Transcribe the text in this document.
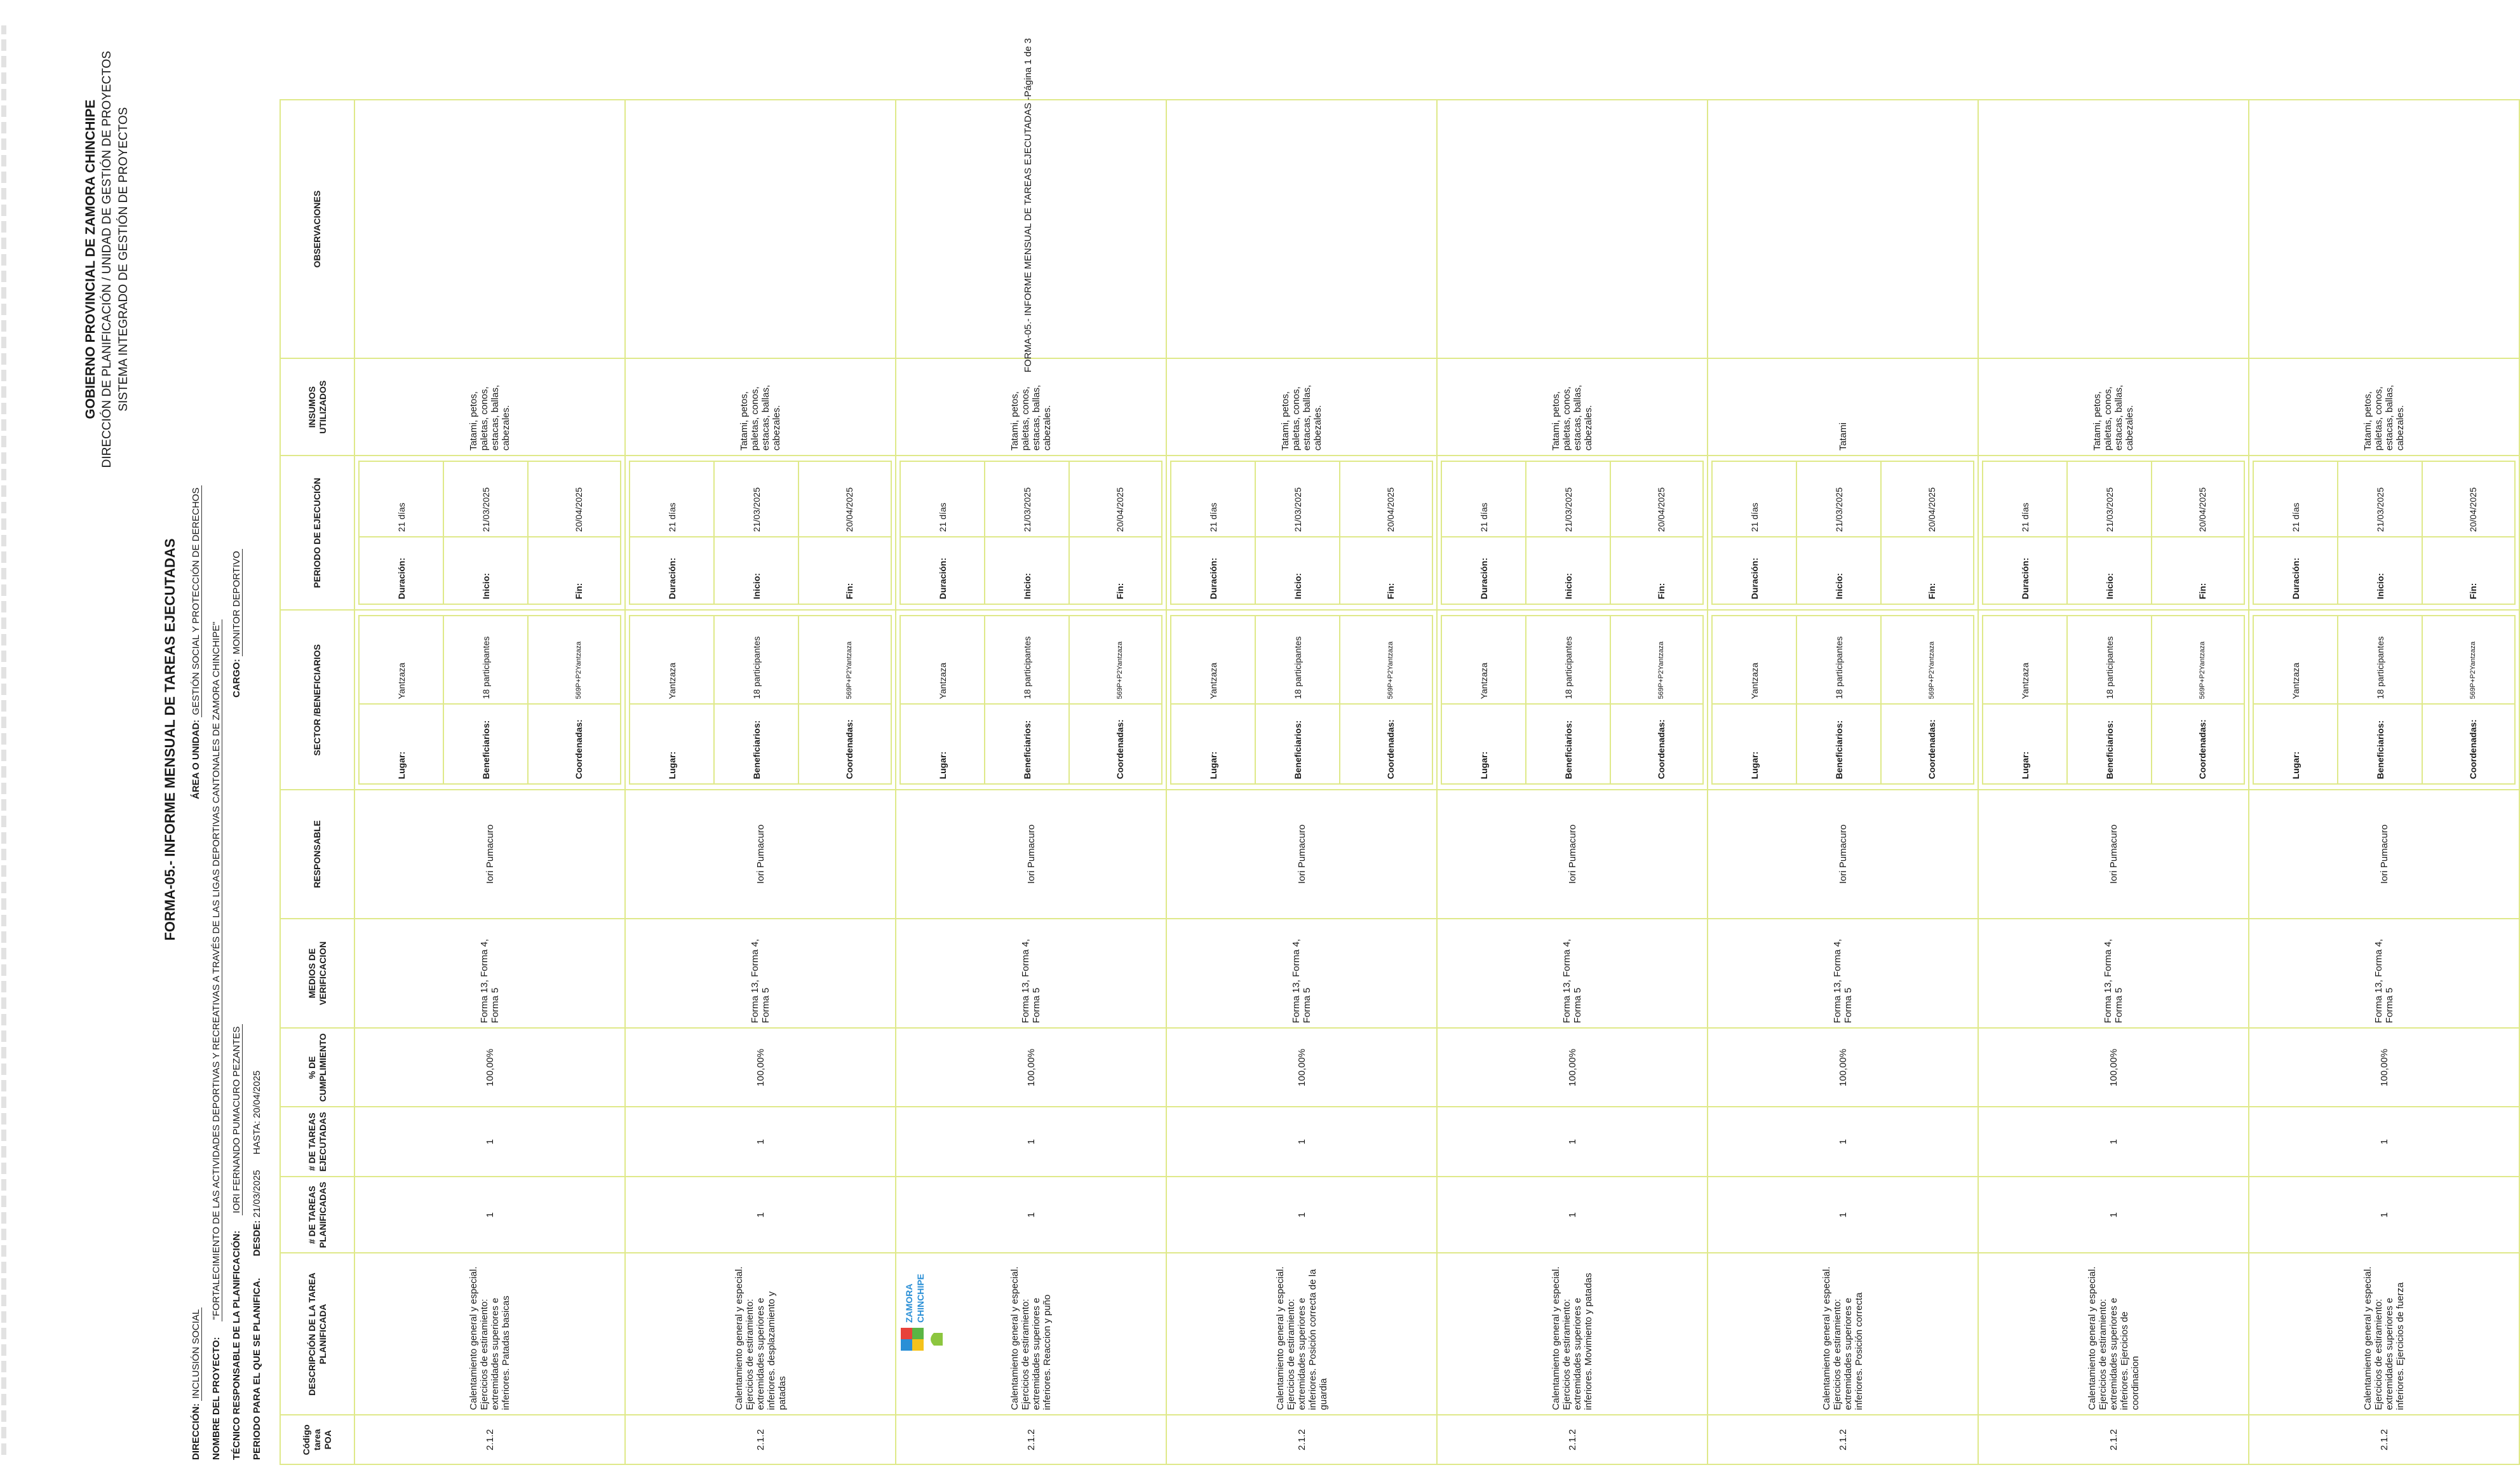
GOBIERNO PROVINCIAL DE ZAMORA CHINCHIPE DIRECCIÓN DE PLANIFICACIÓN / UNIDAD DE GESTIÓN DE PROYECTOS SISTEMA INTEGRADO DE GESTIÓN DE PROYECTOS
ZAMORA CHINCHIPE
FORMA-05.- INFORME MENSUAL DE TAREAS EJECUTADAS
DIRECCIÓN: INCLUSIÓN SOCIAL
ÁREA O UNIDAD: GESTIÓN SOCIAL Y PROTECCIÓN DE DERECHOS
NOMBRE DEL PROYECTO: "FORTALECIMIENTO DE LAS ACTIVIDADES DEPORTIVAS Y RECREATIVAS A TRAVÉS DE LAS LIGAS DEPORTIVAS CANTONALES DE ZAMORA CHINCHIPE"
TÉCNICO RESPONSABLE DE LA PLANIFICACIÓN: IORI FERNANDO PUMACURO PEZANTES
CARGO: MONITOR DEPORTIVO
PERIODO PARA EL QUE SE PLANIFICA. DESDE: 21/03/2025 HASTA: 20/04/2025
Código tarea POA	DESCRIPCIÓN DE LA TAREA PLANIFICADA	# DE TAREAS PLANIFICADAS	# DE TAREAS EJECUTADAS	% DE CUMPLIMIENTO	MEDIOS DE VERIFICACION	RESPONSABLE	SECTOR /BENEFICIARIOS	PERIODO DE EJECUCIÓN	INSUMOS UTILIZADOS	OBSERVACIONES
2.1.2	Calentamiento general y especial. Ejercicios de estiramiento: extremidades superiores e inferiores. Patadas basicas	1	1	100,00%	Forma 13, Forma 4, Forma 5	Iori Pumacuro	
Lugar:	Yantzaza
Beneficiarios:	18 participantes
Coordenadas:	569P+P2Yantzaza

Duración:	21 días
Inicio:	21/03/2025
Fin:	20/04/2025
	Tatami, petos, paletas, conos, estacas, ballas, cabezales.	
2.1.2	Calentamiento general y especial. Ejercicios de estiramiento: extremidades superiores e inferiores. desplazamiento y patadas	1	1	100,00%	Forma 13, Forma 4, Forma 5	Iori Pumacuro	
Lugar:	Yantzaza
Beneficiarios:	18 participantes
Coordenadas:	569P+P2Yantzaza

Duración:	21 días
Inicio:	21/03/2025
Fin:	20/04/2025
	Tatami, petos, paletas, conos, estacas, ballas, cabezales.	
2.1.2	Calentamiento general y especial. Ejercicios de estiramiento: extremidades superiores e inferiores. Reaccion y puño	1	1	100,00%	Forma 13, Forma 4, Forma 5	Iori Pumacuro	
Lugar:	Yantzaza
Beneficiarios:	18 participantes
Coordenadas:	569P+P2Yantzaza

Duración:	21 días
Inicio:	21/03/2025
Fin:	20/04/2025
	Tatami, petos, paletas, conos, estacas, ballas, cabezales.	
2.1.2	Calentamiento general y especial. Ejercicios de estiramiento: extremidades superiores e inferiores. Posición correcta de la guardia	1	1	100,00%	Forma 13, Forma 4, Forma 5	Iori Pumacuro	
Lugar:	Yantzaza
Beneficiarios:	18 participantes
Coordenadas:	569P+P2Yantzaza

Duración:	21 días
Inicio:	21/03/2025
Fin:	20/04/2025
	Tatami, petos, paletas, conos, estacas, ballas, cabezales.	
2.1.2	Calentamiento general y especial. Ejercicios de estiramiento: extremidades superiores e inferiores. Movimiento y patadas	1	1	100,00%	Forma 13, Forma 4, Forma 5	Iori Pumacuro	
Lugar:	Yantzaza
Beneficiarios:	18 participantes
Coordenadas:	569P+P2Yantzaza

Duración:	21 días
Inicio:	21/03/2025
Fin:	20/04/2025
	Tatami, petos, paletas, conos, estacas, ballas, cabezales.	
2.1.2	Calentamiento general y especial. Ejercicios de estiramiento: extremidades superiores e inferiores. Posición correcta	1	1	100,00%	Forma 13, Forma 4, Forma 5	Iori Pumacuro	
Lugar:	Yantzaza
Beneficiarios:	18 participantes
Coordenadas:	569P+P2Yantzaza

Duración:	21 días
Inicio:	21/03/2025
Fin:	20/04/2025
	Tatami	
2.1.2	Calentamiento general y especial. Ejercicios de estiramiento: extremidades superiores e inferiores. Ejercicios de coordinacion	1	1	100,00%	Forma 13, Forma 4, Forma 5	Iori Pumacuro	
Lugar:	Yantzaza
Beneficiarios:	18 participantes
Coordenadas:	569P+P2Yantzaza

Duración:	21 días
Inicio:	21/03/2025
Fin:	20/04/2025
	Tatami, petos, paletas, conos, estacas, ballas, cabezales.	
2.1.2	Calentamiento general y especial. Ejercicios de estiramiento: extremidades superiores e inferiores. Ejercicios de fuerza	1	1	100,00%	Forma 13, Forma 4, Forma 5	Iori Pumacuro	
Lugar:	Yantzaza
Beneficiarios:	18 participantes
Coordenadas:	569P+P2Yantzaza

Duración:	21 días
Inicio:	21/03/2025
Fin:	20/04/2025
	Tatami, petos, paletas, conos, estacas, ballas, cabezales.	
FORMA-05.- INFORME MENSUAL DE TAREAS EJECUTADAS -Página 1 de 3
